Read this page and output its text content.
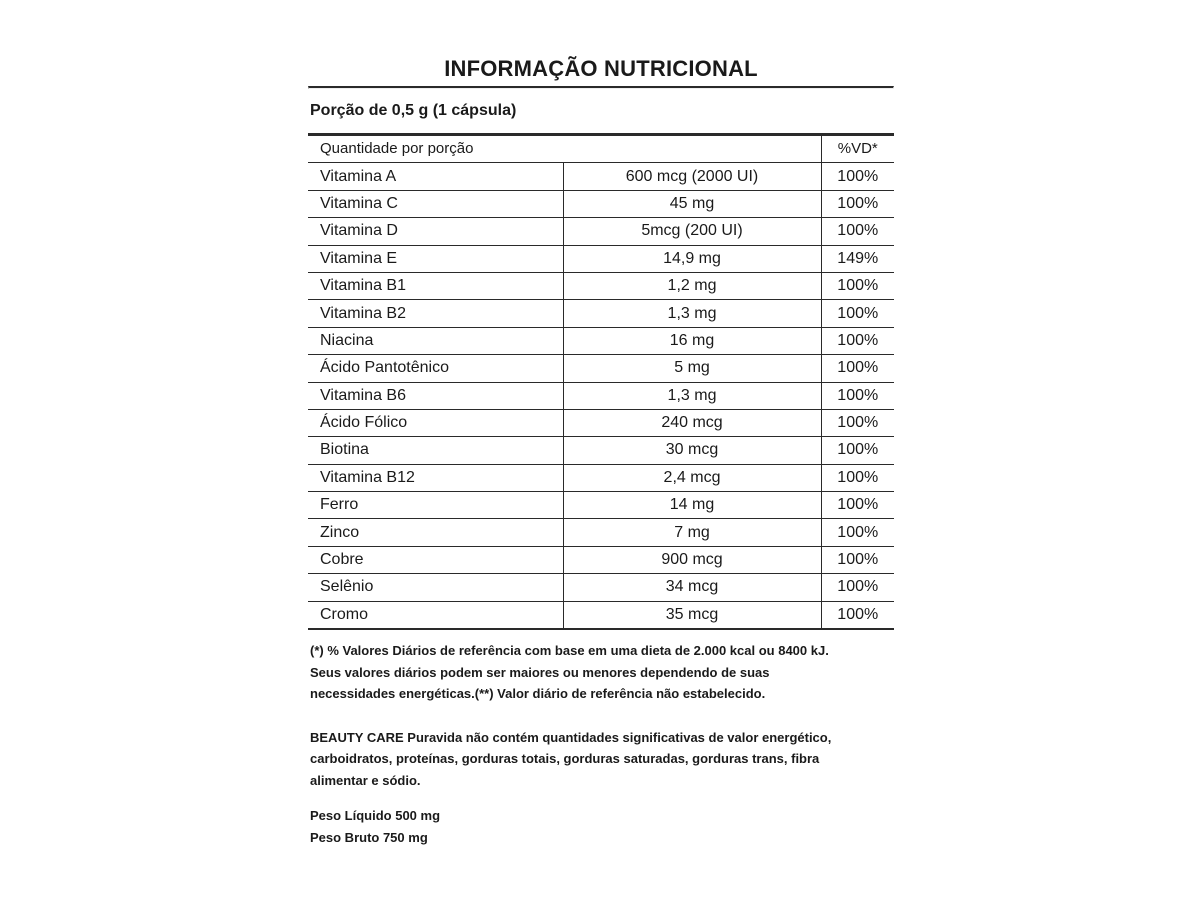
INFORMAÇÃO NUTRICIONAL
Porção de 0,5 g (1 cápsula)
Quantidade por porção		%VD*
Vitamina A	600 mcg (2000 UI)	100%
Vitamina C	45 mg	100%
Vitamina D	5mcg (200 UI)	100%
Vitamina E	14,9 mg	149%
Vitamina B1	1,2 mg	100%
Vitamina B2	1,3 mg	100%
Niacina	16 mg	100%
Ácido Pantotênico	5 mg	100%
Vitamina B6	1,3 mg	100%
Ácido Fólico	240 mcg	100%
Biotina	30 mcg	100%
Vitamina B12	2,4 mcg	100%
Ferro	14 mg	100%
Zinco	7 mg	100%
Cobre	900 mcg	100%
Selênio	34 mcg	100%
Cromo	35 mcg	100%

(*) % Valores Diários de referência com base em uma dieta de 2.000 kcal ou 8400 kJ.

Seus valores diários podem ser maiores ou menores dependendo de suas

necessidades energéticas.(**) Valor diário de referência não estabelecido.

BEAUTY CARE Puravida não contém quantidades significativas de valor energético,

carboidratos, proteínas, gorduras totais, gorduras saturadas, gorduras trans, fibra

alimentar e sódio.

Peso Líquido 500 mg

Peso Bruto 750 mg
